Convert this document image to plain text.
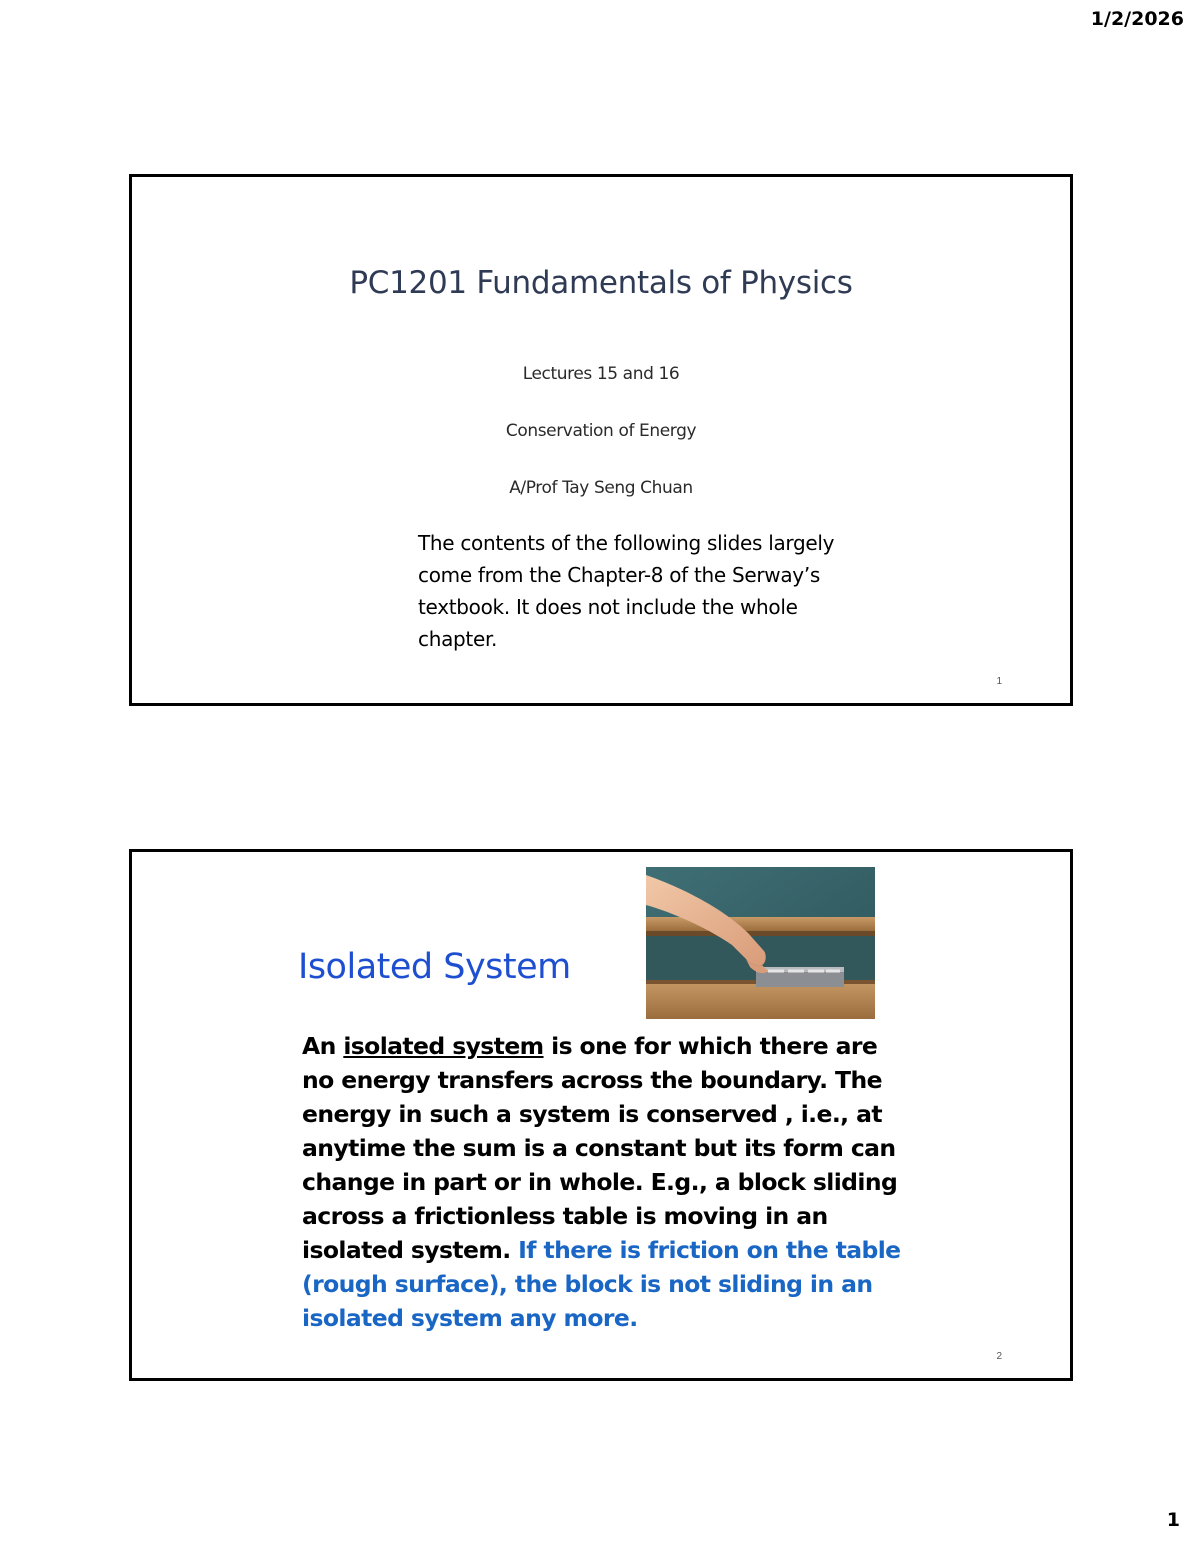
1/2/2026
PC1201 Fundamentals of Physics
Lectures 15 and 16
Conservation of Energy
A/Prof Tay Seng Chuan
The contents of the following slides largely come from the Chapter-8 of the Serway’s textbook. It does not include the whole chapter.
1
Isolated System
An isolated system is one for which there are no energy transfers across the boundary. The energy in such a system is conserved , i.e., at anytime the sum is a constant but its form can change in part or in whole. E.g., a block sliding across a frictionless table is moving in an isolated system. If there is friction on the table (rough surface), the block is not sliding in an isolated system any more.
2
1
